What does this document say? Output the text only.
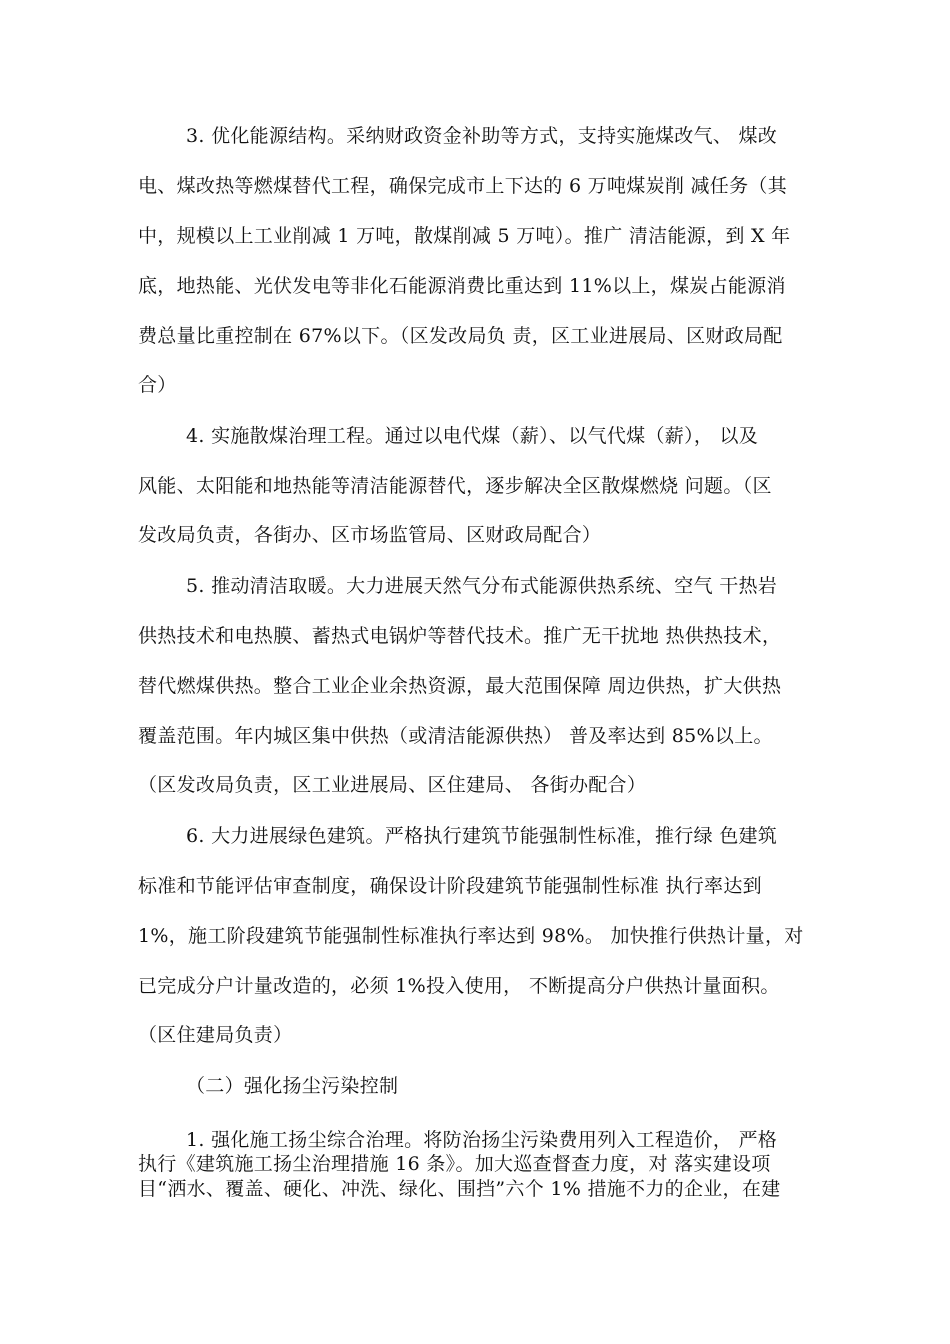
3. 优化能源结构。采纳财政资金补助等方式，支持实施煤改气、 煤改
电、煤改热等燃煤替代工程，确保完成市上下达的 6 万吨煤炭削 减任务（其
中，规模以上工业削减 1 万吨，散煤削减 5 万吨）。推广 清洁能源，到 X 年
底，地热能、光伏发电等非化石能源消费比重达到 11%以上，煤炭占能源消
费总量比重控制在 67%以下。（区发改局负 责，区工业进展局、区财政局配
合）
4. 实施散煤治理工程。通过以电代煤（薪）、以气代煤（薪）， 以及
风能、太阳能和地热能等清洁能源替代，逐步解决全区散煤燃烧 问题。（区
发改局负责，各街办、区市场监管局、区财政局配合）
5. 推动清洁取暖。大力进展天然气分布式能源供热系统、空气 干热岩
供热技术和电热膜、蓄热式电锅炉等替代技术。推广无干扰地 热供热技术，
替代燃煤供热。整合工业企业余热资源，最大范围保障 周边供热，扩大供热
覆盖范围。年内城区集中供热（或清洁能源供热） 普及率达到 85%以上。
（区发改局负责，区工业进展局、区住建局、 各街办配合）
6. 大力进展绿色建筑。严格执行建筑节能强制性标准，推行绿 色建筑
标准和节能评估审查制度，确保设计阶段建筑节能强制性标准 执行率达到
1%，施工阶段建筑节能强制性标准执行率达到 98%。 加快推行供热计量，对
已完成分户计量改造的，必须 1%投入使用， 不断提高分户供热计量面积。
（区住建局负责）
（二）强化扬尘污染控制
1. 强化施工扬尘综合治理。将防治扬尘污染费用列入工程造价， 严格
执行《建筑施工扬尘治理措施 16 条》。加大巡查督查力度，对 落实建设项
目“洒水、覆盖、硬化、冲洗、绿化、围挡”六个 1% 措施不力的企业，在建
